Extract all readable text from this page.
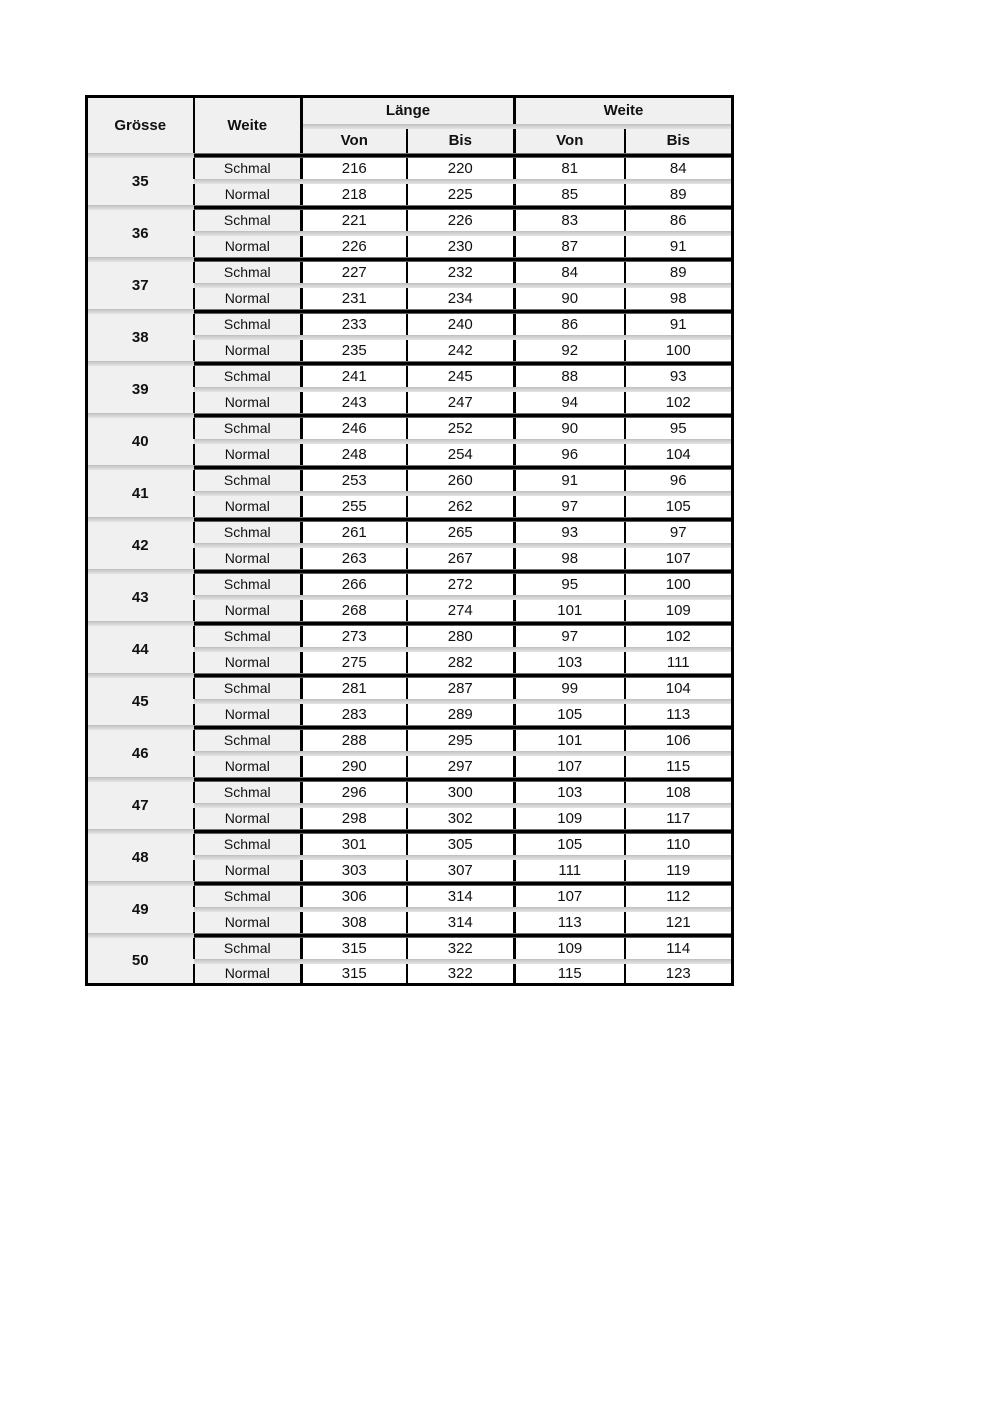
Grösse	Weite	Länge		Weite	

		Von	Bis	Von	Bis

35	Schmal	216	220	81	84

	Normal	218	225	85	89

36	Schmal	221	226	83	86

	Normal	226	230	87	91

37	Schmal	227	232	84	89

	Normal	231	234	90	98

38	Schmal	233	240	86	91

	Normal	235	242	92	100

39	Schmal	241	245	88	93

	Normal	243	247	94	102

40	Schmal	246	252	90	95

	Normal	248	254	96	104

41	Schmal	253	260	91	96

	Normal	255	262	97	105

42	Schmal	261	265	93	97

	Normal	263	267	98	107

43	Schmal	266	272	95	100

	Normal	268	274	101	109

44	Schmal	273	280	97	102

	Normal	275	282	103	111

45	Schmal	281	287	99	104

	Normal	283	289	105	113

46	Schmal	288	295	101	106

	Normal	290	297	107	115

47	Schmal	296	300	103	108

	Normal	298	302	109	117

48	Schmal	301	305	105	110

	Normal	303	307	111	119

49	Schmal	306	314	107	112

	Normal	308	314	113	121

50	Schmal	315	322	109	114

	Normal	315	322	115	123
